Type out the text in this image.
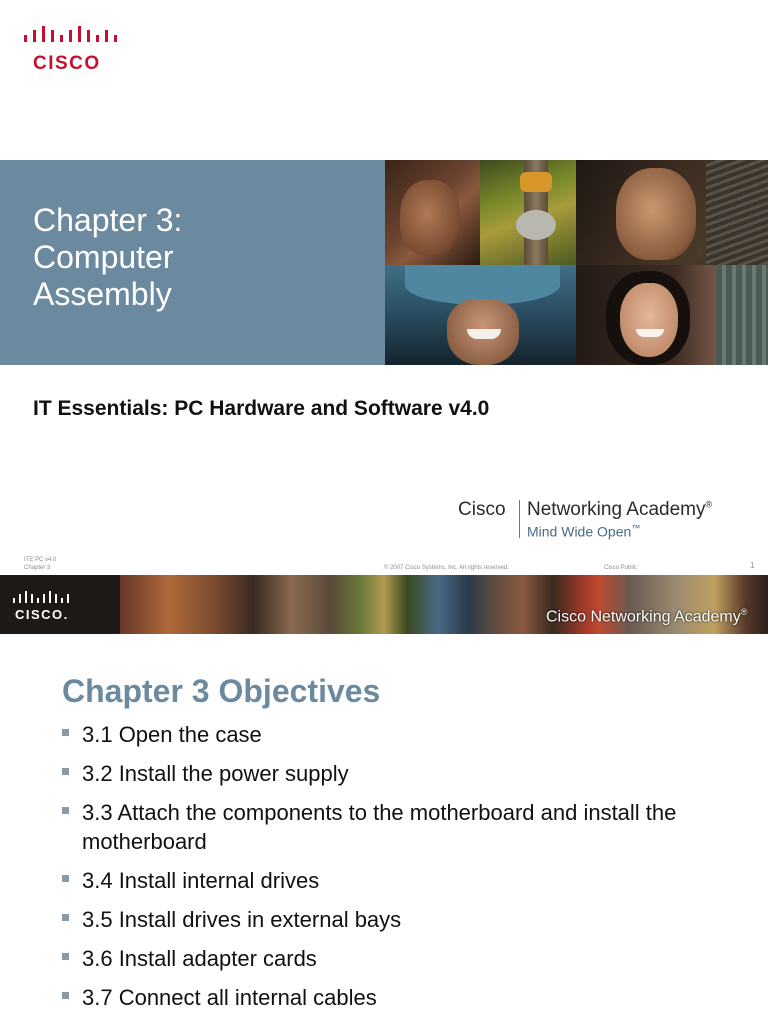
CISCO
Chapter 3:
Computer
Assembly
IT Essentials: PC Hardware and Software v4.0
Cisco Networking Academy®
Mind Wide Open™
ITE PC v4.0
Chapter 3	© 2007 Cisco Systems, Inc. All rights reserved.	Cisco Public	1
CISCO.	Cisco Networking Academy®
Chapter 3 Objectives
3.1 Open the case
3.2 Install the power supply
3.3 Attach the components to the motherboard and install the motherboard
3.4 Install internal drives
3.5 Install drives in external bays
3.6 Install adapter cards
3.7 Connect all internal cables
